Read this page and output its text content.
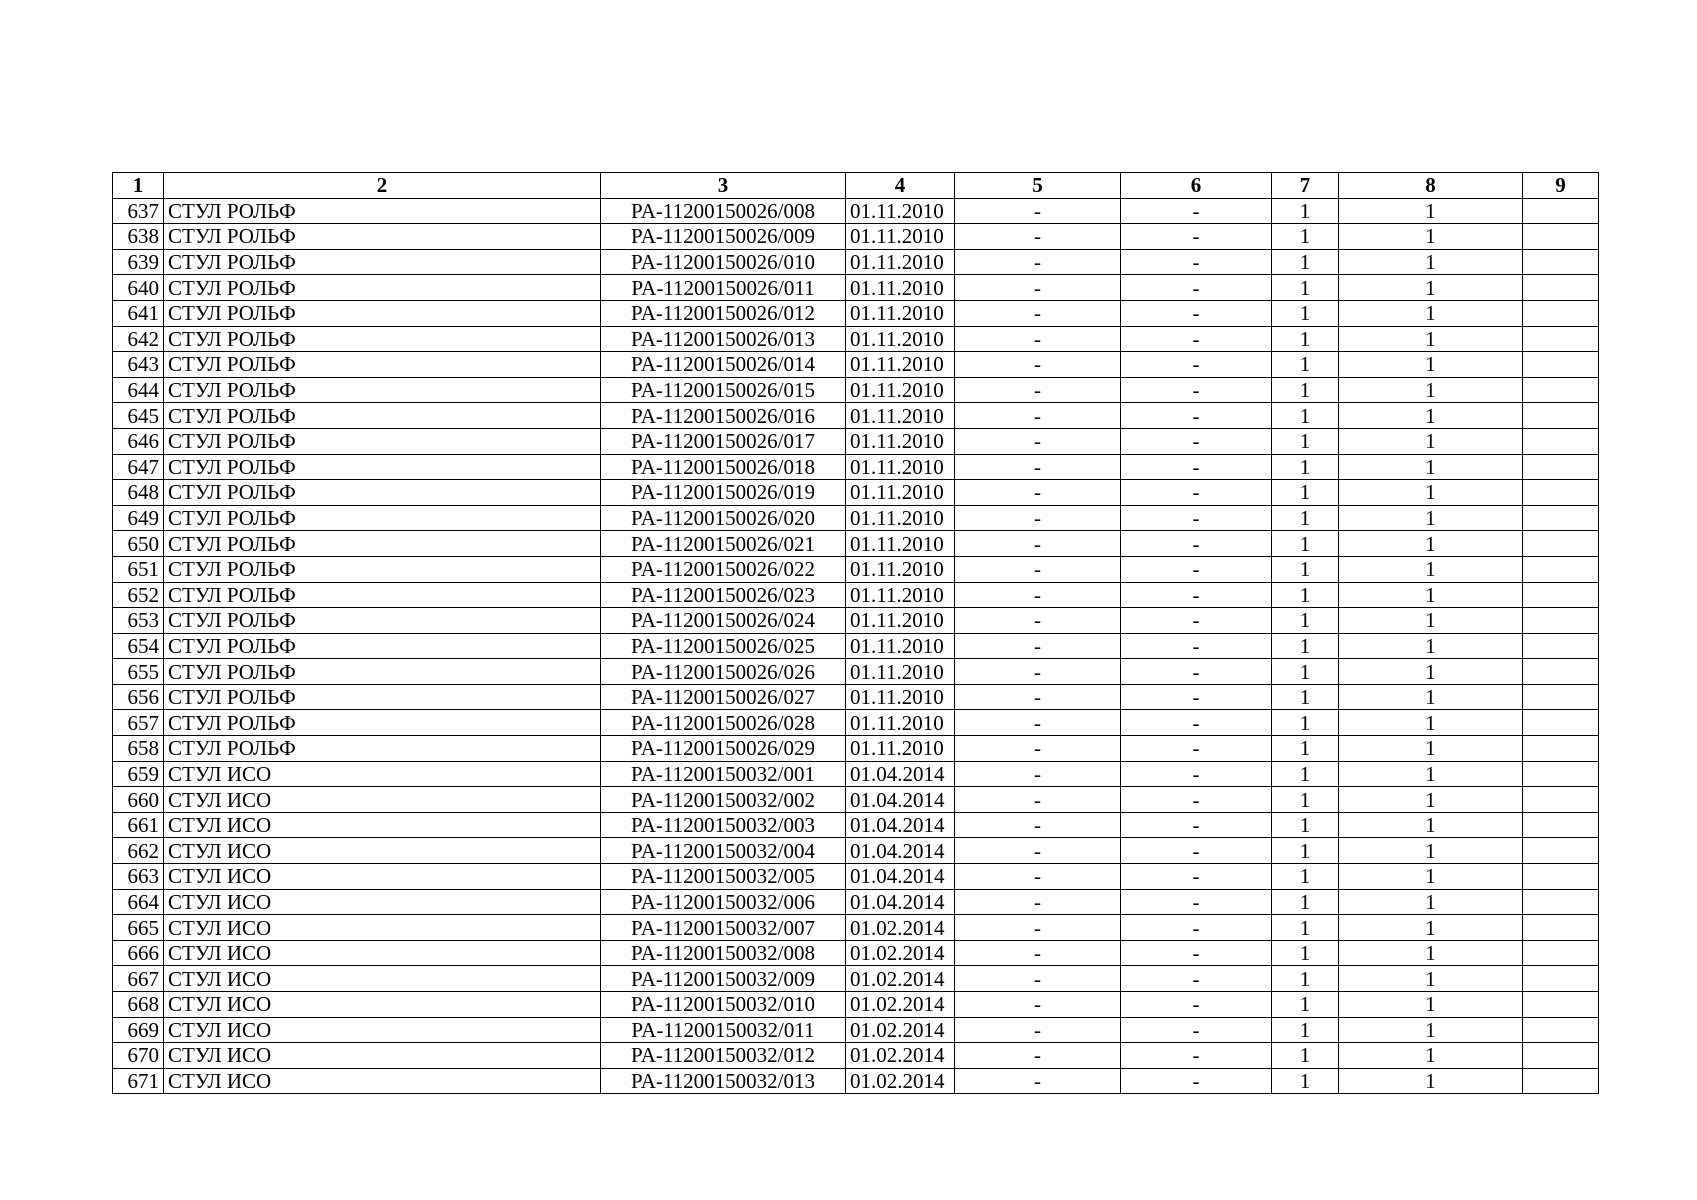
1	2	3	4	5	6	7	8	9
637	СТУЛ РОЛЬФ	PA-11200150026/008	01.11.2010	-	-	1	1	
638	СТУЛ РОЛЬФ	PA-11200150026/009	01.11.2010	-	-	1	1	
639	СТУЛ РОЛЬФ	PA-11200150026/010	01.11.2010	-	-	1	1	
640	СТУЛ РОЛЬФ	PA-11200150026/011	01.11.2010	-	-	1	1	
641	СТУЛ РОЛЬФ	PA-11200150026/012	01.11.2010	-	-	1	1	
642	СТУЛ РОЛЬФ	PA-11200150026/013	01.11.2010	-	-	1	1	
643	СТУЛ РОЛЬФ	PA-11200150026/014	01.11.2010	-	-	1	1	
644	СТУЛ РОЛЬФ	PA-11200150026/015	01.11.2010	-	-	1	1	
645	СТУЛ РОЛЬФ	PA-11200150026/016	01.11.2010	-	-	1	1	
646	СТУЛ РОЛЬФ	PA-11200150026/017	01.11.2010	-	-	1	1	
647	СТУЛ РОЛЬФ	PA-11200150026/018	01.11.2010	-	-	1	1	
648	СТУЛ РОЛЬФ	PA-11200150026/019	01.11.2010	-	-	1	1	
649	СТУЛ РОЛЬФ	PA-11200150026/020	01.11.2010	-	-	1	1	
650	СТУЛ РОЛЬФ	PA-11200150026/021	01.11.2010	-	-	1	1	
651	СТУЛ РОЛЬФ	PA-11200150026/022	01.11.2010	-	-	1	1	
652	СТУЛ РОЛЬФ	PA-11200150026/023	01.11.2010	-	-	1	1	
653	СТУЛ РОЛЬФ	PA-11200150026/024	01.11.2010	-	-	1	1	
654	СТУЛ РОЛЬФ	PA-11200150026/025	01.11.2010	-	-	1	1	
655	СТУЛ РОЛЬФ	PA-11200150026/026	01.11.2010	-	-	1	1	
656	СТУЛ РОЛЬФ	PA-11200150026/027	01.11.2010	-	-	1	1	
657	СТУЛ РОЛЬФ	PA-11200150026/028	01.11.2010	-	-	1	1	
658	СТУЛ РОЛЬФ	PA-11200150026/029	01.11.2010	-	-	1	1	
659	СТУЛ ИСО	PA-11200150032/001	01.04.2014	-	-	1	1	
660	СТУЛ ИСО	PA-11200150032/002	01.04.2014	-	-	1	1	
661	СТУЛ ИСО	PA-11200150032/003	01.04.2014	-	-	1	1	
662	СТУЛ ИСО	PA-11200150032/004	01.04.2014	-	-	1	1	
663	СТУЛ ИСО	PA-11200150032/005	01.04.2014	-	-	1	1	
664	СТУЛ ИСО	PA-11200150032/006	01.04.2014	-	-	1	1	
665	СТУЛ ИСО	PA-11200150032/007	01.02.2014	-	-	1	1	
666	СТУЛ ИСО	PA-11200150032/008	01.02.2014	-	-	1	1	
667	СТУЛ ИСО	PA-11200150032/009	01.02.2014	-	-	1	1	
668	СТУЛ ИСО	PA-11200150032/010	01.02.2014	-	-	1	1	
669	СТУЛ ИСО	PA-11200150032/011	01.02.2014	-	-	1	1	
670	СТУЛ ИСО	PA-11200150032/012	01.02.2014	-	-	1	1	
671	СТУЛ ИСО	PA-11200150032/013	01.02.2014	-	-	1	1	
